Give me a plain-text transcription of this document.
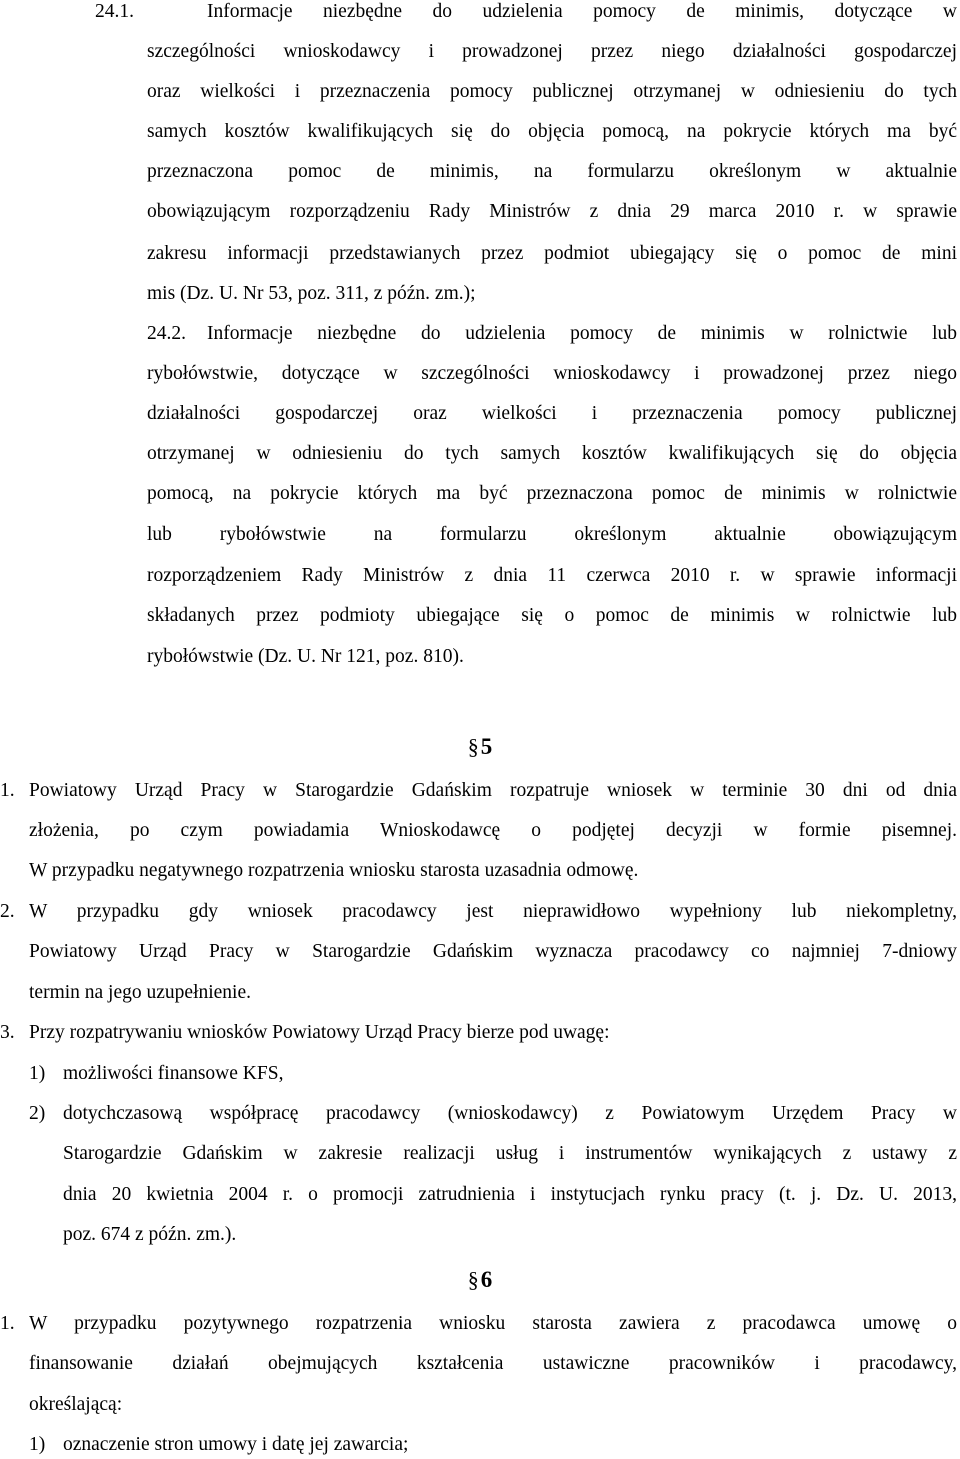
24.1.	Informacje niezbędne do udzielenia pomocy de minimis, dotyczące w
szczególności wnioskodawcy i prowadzonej przez niego działalności gospodarczej
oraz wielkości i przeznaczenia pomocy publicznej otrzymanej w odniesieniu do tych
samych kosztów kwalifikujących się do objęcia pomocą, na pokrycie których ma być
przeznaczona pomoc de minimis, na formularzu określonym w aktualnie
obowiązującym rozporządzeniu Rady Ministrów z dnia 29 marca 2010 r. w sprawie
zakresu informacji przedstawianych przez podmiot ubiegający się o pomoc de mini
mis (Dz. U. Nr 53, poz. 311, z późn. zm.);
24.2. Informacje niezbędne do udzielenia pomocy de minimis w rolnictwie lub
rybołówstwie, dotyczące w szczególności wnioskodawcy i prowadzonej przez niego
działalności gospodarczej oraz wielkości i przeznaczenia pomocy publicznej
otrzymanej w odniesieniu do tych samych kosztów kwalifikujących się do objęcia
pomocą, na pokrycie których ma być przeznaczona pomoc de minimis w rolnictwie
lub rybołówstwie na formularzu określonym aktualnie obowiązującym
rozporządzeniem Rady Ministrów z dnia 11 czerwca 2010 r. w sprawie informacji
składanych przez podmioty ubiegające się o pomoc de minimis w rolnictwie lub
rybołówstwie (Dz. U. Nr 121, poz. 810).
§5
1. Powiatowy Urząd Pracy w Starogardzie Gdańskim rozpatruje wniosek w terminie 30 dni od dnia
złożenia, po czym powiadamia Wnioskodawcę o podjętej decyzji w formie pisemnej.
W przypadku negatywnego rozpatrzenia wniosku starosta uzasadnia odmowę.
2. W przypadku gdy wniosek pracodawcy jest nieprawidłowo wypełniony lub niekompletny,
Powiatowy Urząd Pracy w Starogardzie Gdańskim wyznacza pracodawcy co najmniej 7-dniowy
termin na jego uzupełnienie.
3. Przy rozpatrywaniu wniosków Powiatowy Urząd Pracy bierze pod uwagę:
1) możliwości finansowe KFS,
2) dotychczasową współpracę pracodawcy (wnioskodawcy) z Powiatowym Urzędem Pracy w
Starogardzie Gdańskim w zakresie realizacji usług i instrumentów wynikających z ustawy z
dnia 20 kwietnia 2004 r. o promocji zatrudnienia i instytucjach rynku pracy (t. j. Dz. U. 2013,
poz. 674 z późn. zm.).
§6
1. W przypadku pozytywnego rozpatrzenia wniosku starosta zawiera z pracodawca umowę o
finansowanie działań obejmujących kształcenia ustawiczne pracowników i pracodawcy,
określającą:
1) oznaczenie stron umowy i datę jej zawarcia;
